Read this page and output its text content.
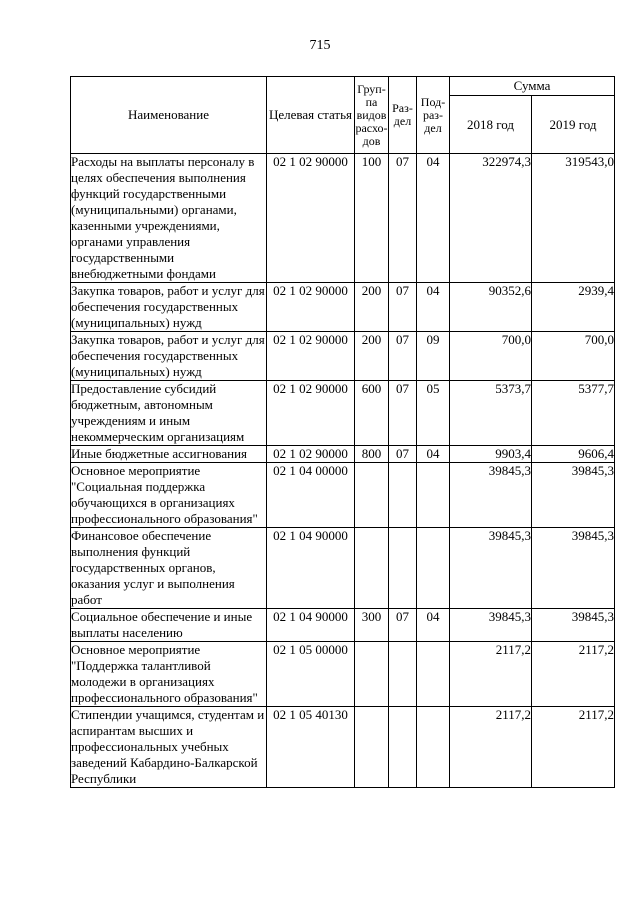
715
Наименование	Целевая статья	Груп-па видов расхо-дов	Раз-дел	Под-раз-дел	Сумма	
					2018 год	2019 год
Расходы на выплаты персоналу в целях обеспечения выполнения функций государственными (муниципальными) органами, казенными учреждениями, органами управления государственными внебюджетными фондами	02 1 02 90000	100	07	04	322974,3	319543,0
Закупка товаров, работ и услуг для обеспечения государственных (муниципальных) нужд	02 1 02 90000	200	07	04	90352,6	2939,4
Закупка товаров, работ и услуг для обеспечения государственных (муниципальных) нужд	02 1 02 90000	200	07	09	700,0	700,0
Предоставление субсидий бюджетным, автономным учреждениям и иным некоммерческим организациям	02 1 02 90000	600	07	05	5373,7	5377,7
Иные бюджетные ассигнования	02 1 02 90000	800	07	04	9903,4	9606,4
Основное мероприятие "Социальная поддержка обучающихся в организациях профессионального образования"	02 1 04 00000				39845,3	39845,3
Финансовое обеспечение выполнения функций государственных органов, оказания услуг и выполнения работ	02 1 04 90000				39845,3	39845,3
Социальное обеспечение и иные выплаты населению	02 1 04 90000	300	07	04	39845,3	39845,3
Основное мероприятие "Поддержка талантливой молодежи в организациях профессионального образования"	02 1 05 00000				2117,2	2117,2
Стипендии учащимся, студентам и аспирантам высших и профессиональных учебных заведений Кабардино-Балкарской Республики	02 1 05 40130				2117,2	2117,2
